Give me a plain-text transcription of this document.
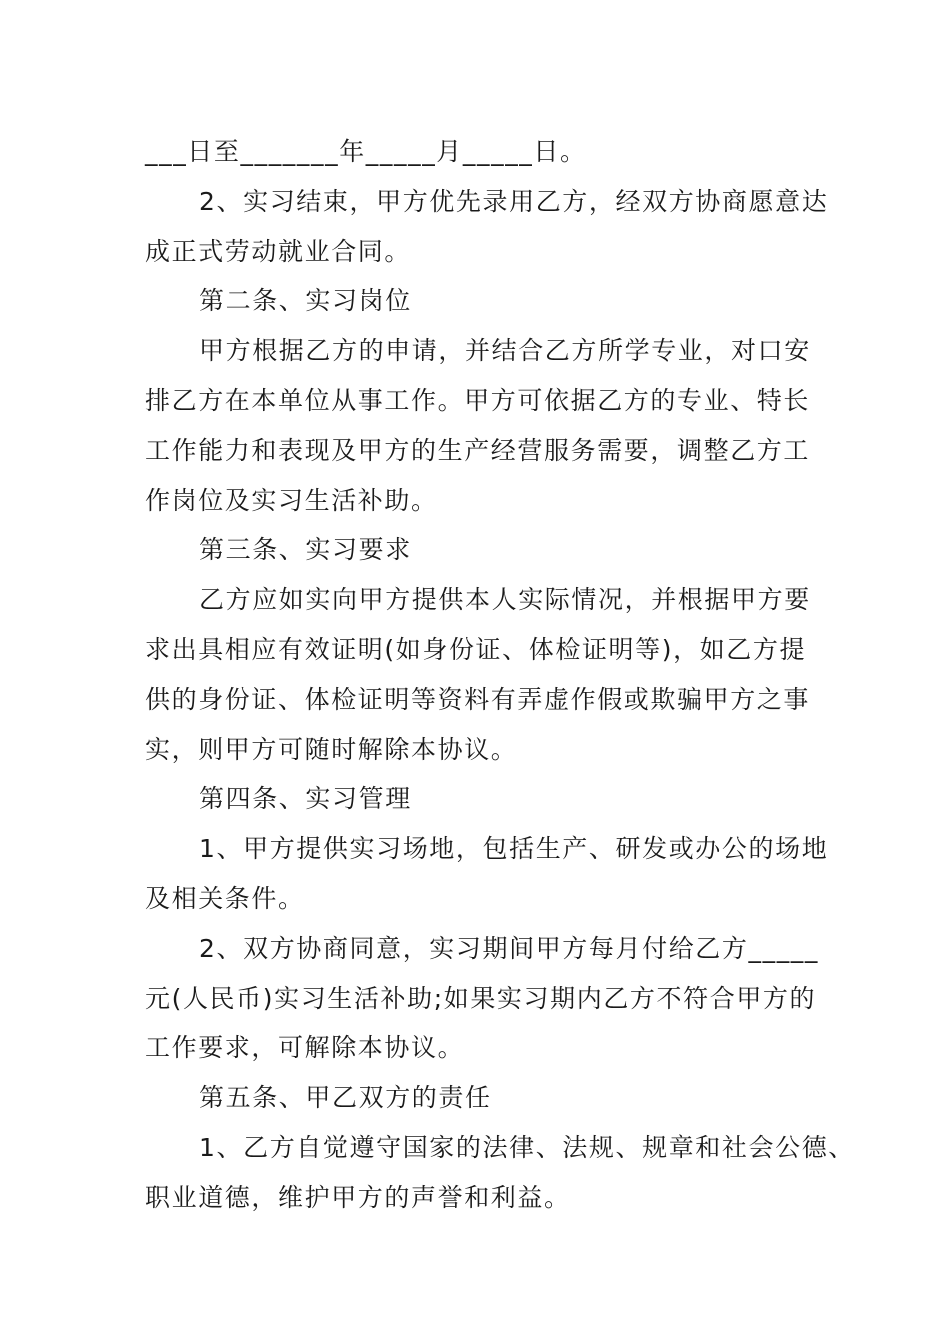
___日至_______年_____月_____日。
2、实习结束，甲方优先录用乙方，经双方协商愿意达
成正式劳动就业合同。
第二条、实习岗位
甲方根据乙方的申请，并结合乙方所学专业，对口安
排乙方在本单位从事工作。甲方可依据乙方的专业、特长
工作能力和表现及甲方的生产经营服务需要，调整乙方工
作岗位及实习生活补助。
第三条、实习要求
乙方应如实向甲方提供本人实际情况，并根据甲方要
求出具相应有效证明(如身份证、体检证明等)，如乙方提
供的身份证、体检证明等资料有弄虚作假或欺骗甲方之事
实，则甲方可随时解除本协议。
第四条、实习管理
1、甲方提供实习场地，包括生产、研发或办公的场地
及相关条件。
2、双方协商同意，实习期间甲方每月付给乙方_____
元(人民币)实习生活补助;如果实习期内乙方不符合甲方的
工作要求，可解除本协议。
第五条、甲乙双方的责任
1、乙方自觉遵守国家的法律、法规、规章和社会公德、
职业道德，维护甲方的声誉和利益。
